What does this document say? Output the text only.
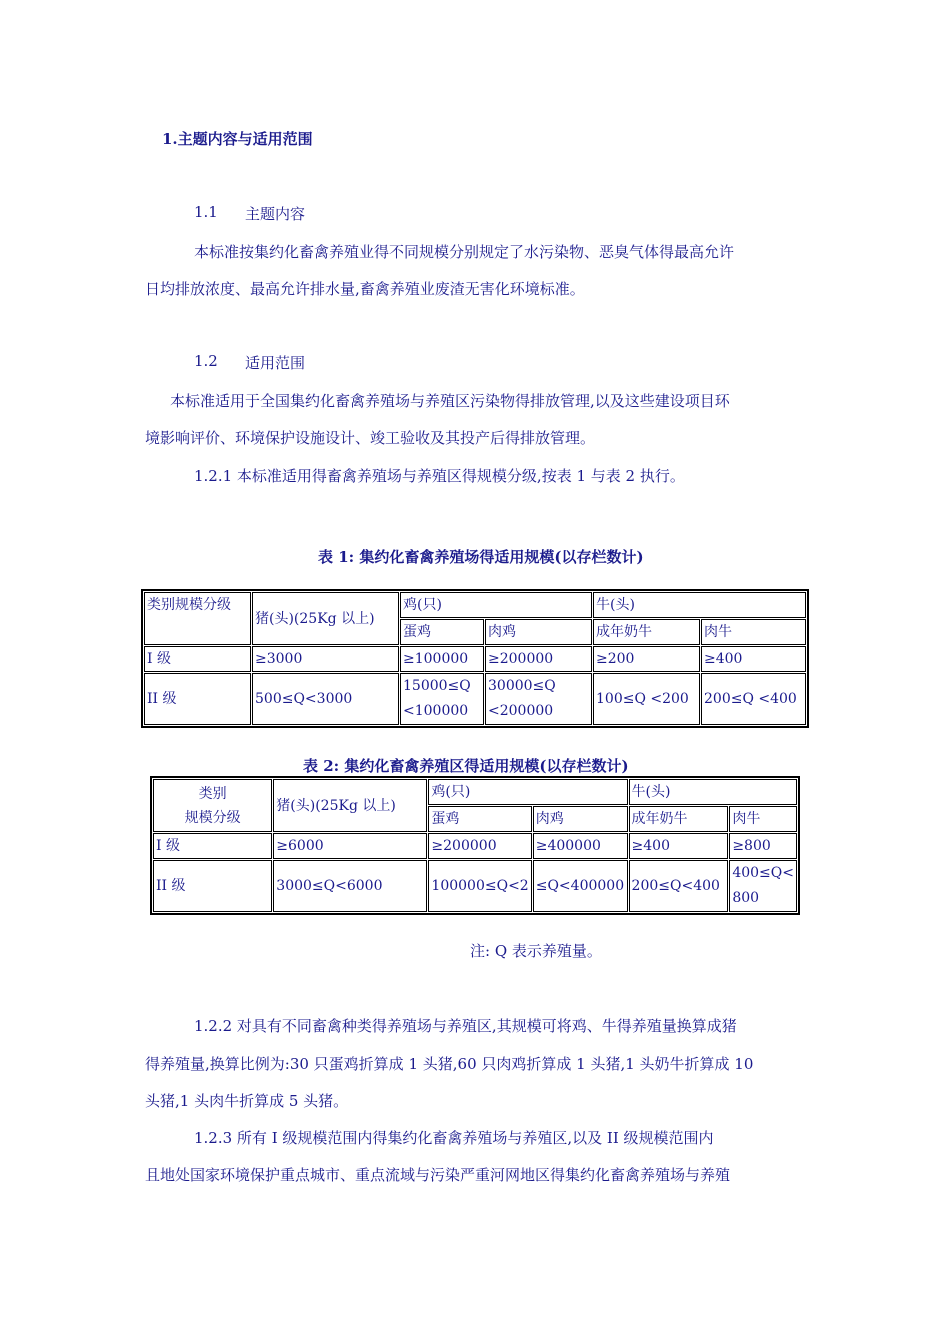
1.主题内容与适用范围
1.1 主题内容
本标准按集约化畜禽养殖业得不同规模分别规定了水污染物、恶臭气体得最高允许
日均排放浓度、最高允许排水量,畜禽养殖业废渣无害化环境标准。
1.2 适用范围
本标准适用于全国集约化畜禽养殖场与养殖区污染物得排放管理,以及这些建设项目环
境影响评价、环境保护设施设计、竣工验收及其投产后得排放管理。
1.2.1 本标准适用得畜禽养殖场与养殖区得规模分级,按表 1 与表 2 执行。
表 1: 集约化畜禽养殖场得适用规模(以存栏数计)
类别规模分级	猪(头)(25Kg 以上)	鸡(只)		牛(头)	
		蛋鸡	肉鸡	成年奶牛	肉牛
I 级	≥3000	≥100000	≥200000	≥200	≥400
II 级	500≤Q<3000	15000≤Q <100000	30000≤Q <200000	100≤Q <200	200≤Q <400
表 2: 集约化畜禽养殖区得适用规模(以存栏数计)
类别
规模分级	猪(头)(25Kg 以上)	鸡(只)		牛(头)	
		蛋鸡	肉鸡	成年奶牛	肉牛
I 级	≥6000	≥200000	≥400000	≥400	≥800
II 级	3000≤Q<6000	100000≤Q<2	≤Q<400000	200≤Q<400	400≤Q< 800
注: Q 表示养殖量。
1.2.2 对具有不同畜禽种类得养殖场与养殖区,其规模可将鸡、牛得养殖量换算成猪
得养殖量,换算比例为:30 只蛋鸡折算成 1 头猪,60 只肉鸡折算成 1 头猪,1 头奶牛折算成 10
头猪,1 头肉牛折算成 5 头猪。
1.2.3 所有 I 级规模范围内得集约化畜禽养殖场与养殖区,以及 II 级规模范围内
且地处国家环境保护重点城市、重点流域与污染严重河网地区得集约化畜禽养殖场与养殖
